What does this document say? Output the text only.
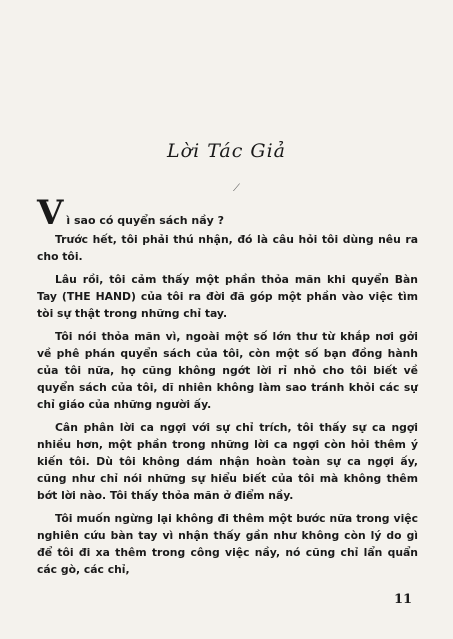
Lời Tác Giả
⟋
V ì sao có quyển sách nầy ?

Trước hết, tôi phải thú nhận, đó là câu hỏi tôi dùng nêu ra cho tôi.

Lâu rồi, tôi cảm thấy một phần thỏa mãn khi quyển Bàn Tay (THE HAND) của tôi ra đời đã góp một phần vào việc tìm tòi sự thật trong những chỉ tay.

Tôi nói thỏa mãn vì, ngoài một số lớn thư từ khắp nơi gởi về phê phán quyển sách của tôi, còn một số bạn đồng hành của tôi nữa, họ cũng không ngớt lời rỉ nhỏ cho tôi biết về quyển sách của tôi, dĩ nhiên không làm sao tránh khỏi các sự chỉ giáo của những người ấy.

Cân phân lời ca ngợi với sự chỉ trích, tôi thấy sự ca ngợi nhiều hơn, một phần trong những lời ca ngợi còn hỏi thêm ý kiến tôi. Dù tôi không dám nhận hoàn toàn sự ca ngợi ấy, cũng như chỉ nói những sự hiểu biết của tôi mà không thêm bớt lời nào. Tôi thấy thỏa mãn ở điểm nầy.

Tôi muốn ngừng lại không đi thêm một bước nữa trong việc nghiên cứu bàn tay vì nhận thấy gần như không còn lý do gì để tôi đi xa thêm trong công việc nầy, nó cũng chỉ lẩn quẩn các gò, các chỉ,

11
